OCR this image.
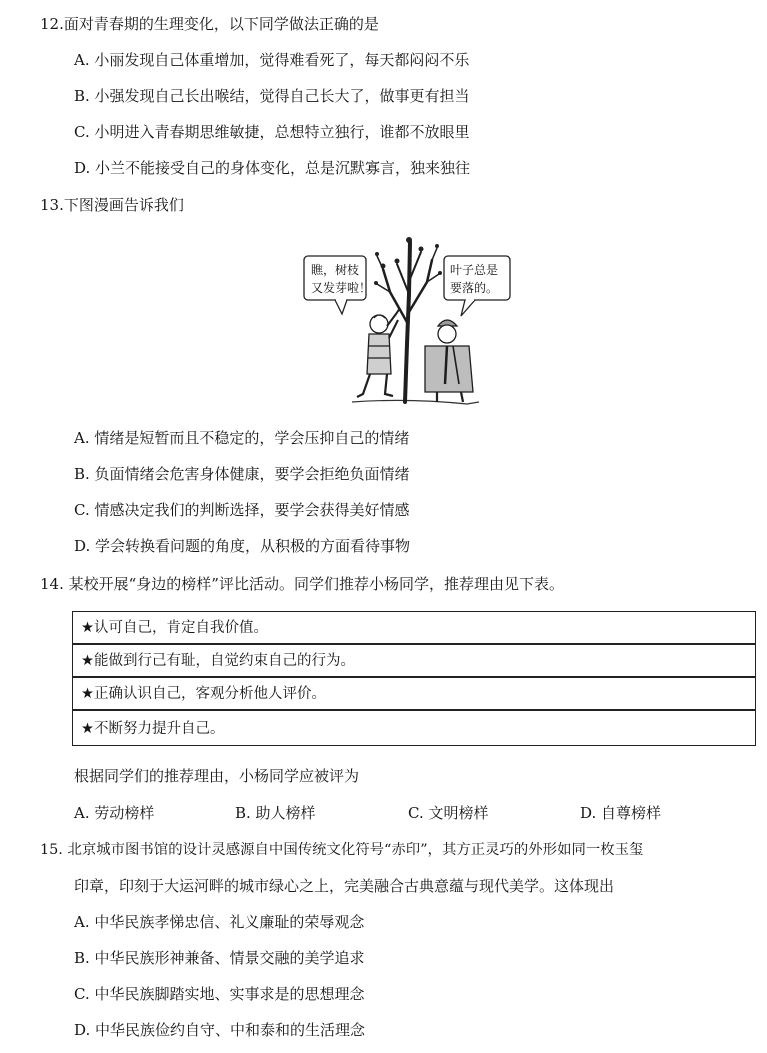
12.面对青春期的生理变化，以下同学做法正确的是
A. 小丽发现自己体重增加，觉得难看死了，每天都闷闷不乐
B. 小强发现自己长出喉结，觉得自己长大了，做事更有担当
C. 小明进入青春期思维敏捷，总想特立独行，谁都不放眼里
D. 小兰不能接受自己的身体变化，总是沉默寡言，独来独往
13.下图漫画告诉我们
瞧，树枝
又发芽啦！
叶子总是
要落的。
A. 情绪是短暂而且不稳定的，学会压抑自己的情绪
B. 负面情绪会危害身体健康，要学会拒绝负面情绪
C. 情感决定我们的判断选择，要学会获得美好情感
D. 学会转换看问题的角度，从积极的方面看待事物
14. 某校开展“身边的榜样”评比活动。同学们推荐小杨同学，推荐理由见下表。
★认可自己，肯定自我价值。
★能做到行己有耻，自觉约束自己的行为。
★正确认识自己，客观分析他人评价。
★不断努力提升自己。
根据同学们的推荐理由，小杨同学应被评为
A. 劳动榜样	B. 助人榜样	C. 文明榜样	D. 自尊榜样
15. 北京城市图书馆的设计灵感源自中国传统文化符号“赤印”，其方正灵巧的外形如同一枚玉玺
印章，印刻于大运河畔的城市绿心之上，完美融合古典意蕴与现代美学。这体现出
A. 中华民族孝悌忠信、礼义廉耻的荣辱观念
B. 中华民族形神兼备、情景交融的美学追求
C. 中华民族脚踏实地、实事求是的思想理念
D. 中华民族俭约自守、中和泰和的生活理念
